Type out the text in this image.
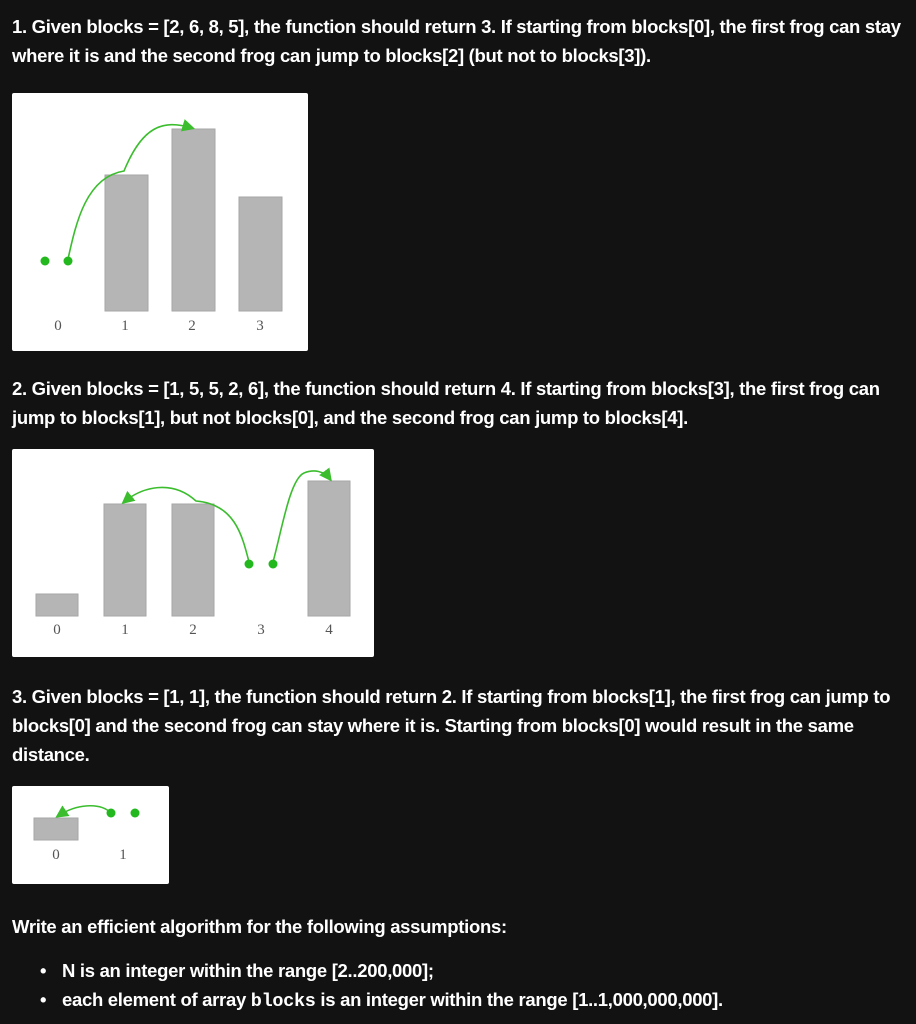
1. Given blocks = [2, 6, 8, 5], the function should return 3. If starting from blocks[0], the first frog can stay where it is and the second frog can jump to blocks[2] (but not to blocks[3]).

0	1	2	3

2. Given blocks = [1, 5, 5, 2, 6], the function should return 4. If starting from blocks[3], the first frog can jump to blocks[1], but not blocks[0], and the second frog can jump to blocks[4].

0	1	2	3	4

3. Given blocks = [1, 1], the function should return 2. If starting from blocks[1], the first frog can jump to blocks[0] and the second frog can stay where it is. Starting from blocks[0] would result in the same distance.

0	1

Write an efficient algorithm for the following assumptions:

• N is an integer within the range [2..200,000];
• each element of array blocks is an integer within the range [1..1,000,000,000].
